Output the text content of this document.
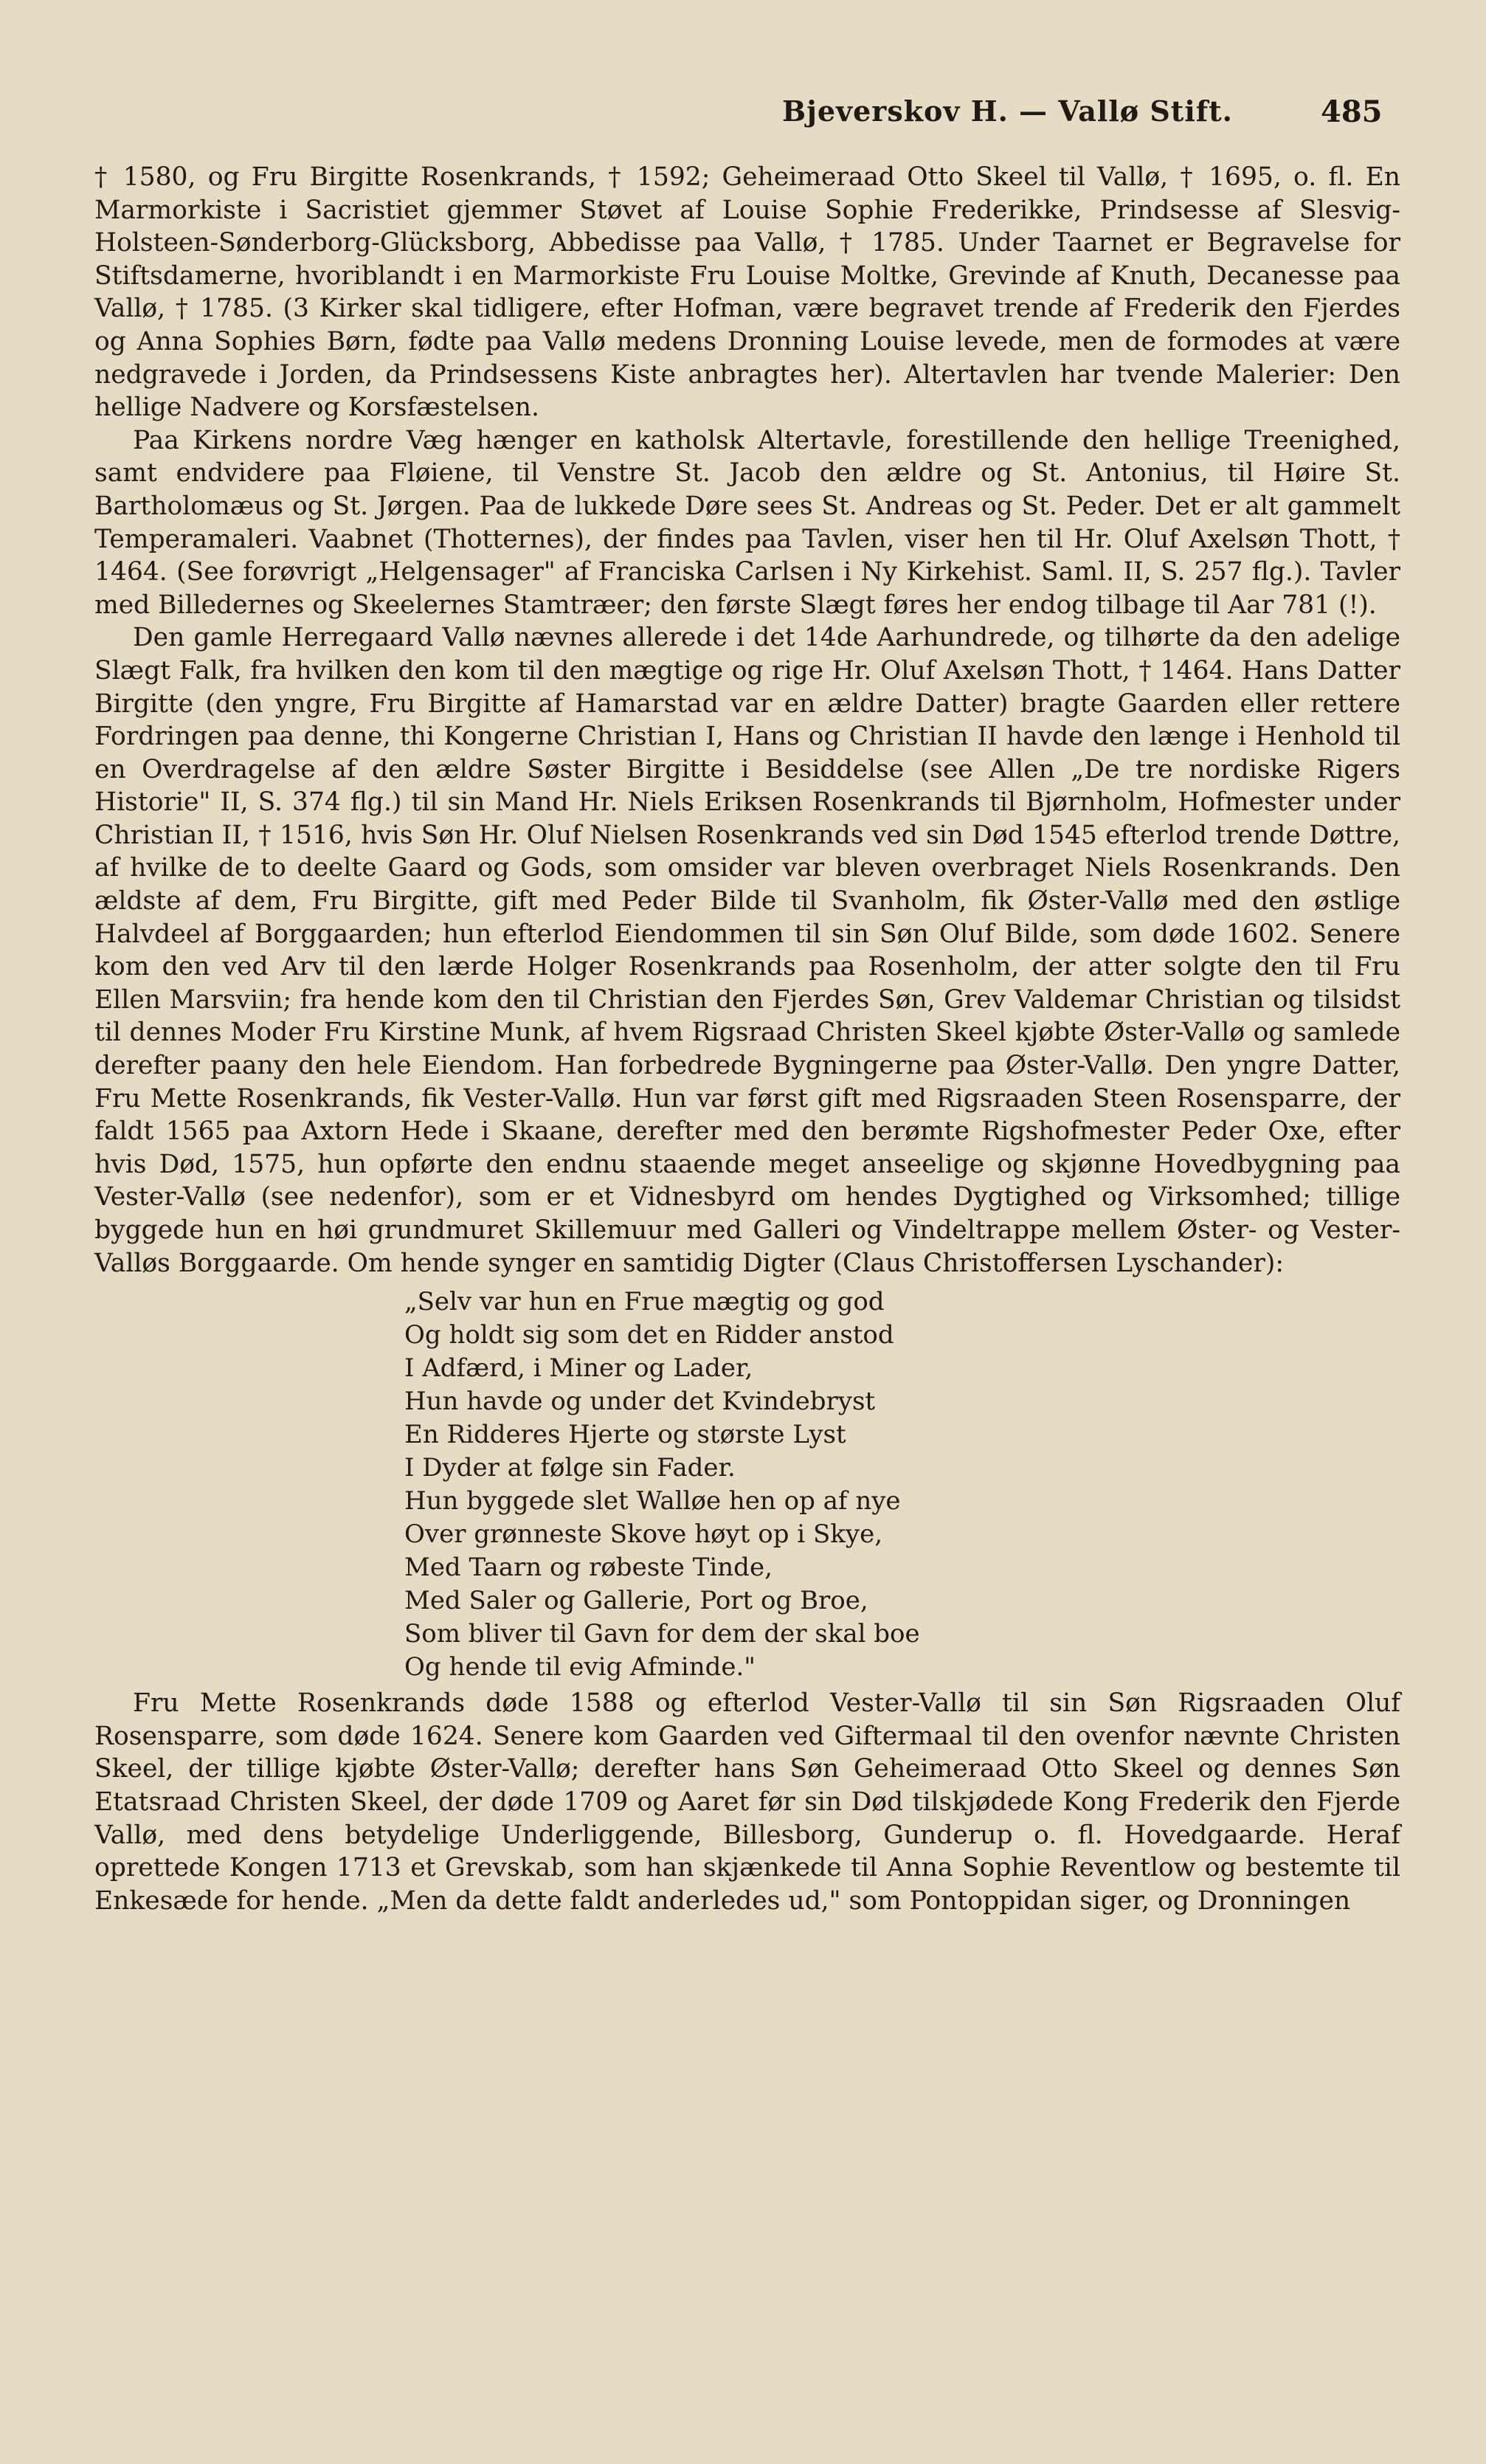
Bjeverskov H. — Vallø Stift.	485

† 1580, og Fru Birgitte Rosenkrands, † 1592; Geheimeraad Otto Skeel til Vallø, † 1695, o. fl. En Marmorkiste i Sacristiet gjemmer Støvet af Louise Sophie Frederikke, Prindsesse af Slesvig-Holsteen-Sønderborg-Glücksborg, Abbedisse paa Vallø, † 1785. Under Taarnet er Begravelse for Stiftsdamerne, hvoriblandt i en Marmorkiste Fru Louise Moltke, Grevinde af Knuth, Decanesse paa Vallø, † 1785. (3 Kirker skal tidligere, efter Hofman, være begravet trende af Frederik den Fjerdes og Anna Sophies Børn, fødte paa Vallø medens Dronning Louise levede, men de formodes at være nedgravede i Jorden, da Prindsessens Kiste anbragtes her). Altertavlen har tvende Malerier: Den hellige Nadvere og Korsfæstelsen.

Paa Kirkens nordre Væg hænger en katholsk Altertavle, forestillende den hellige Treenighed, samt endvidere paa Fløiene, til Venstre St. Jacob den ældre og St. Antonius, til Høire St. Bartholomæus og St. Jørgen. Paa de lukkede Døre sees St. Andreas og St. Peder. Det er alt gammelt Temperamaleri. Vaabnet (Thotternes), der findes paa Tavlen, viser hen til Hr. Oluf Axelsøn Thott, † 1464. (See forøvrigt „Helgensager" af Franciska Carlsen i Ny Kirkehist. Saml. II, S. 257 flg.). Tavler med Billedernes og Skeelernes Stamtræer; den første Slægt føres her endog tilbage til Aar 781 (!).

Den gamle Herregaard Vallø nævnes allerede i det 14de Aarhundrede, og tilhørte da den adelige Slægt Falk, fra hvilken den kom til den mægtige og rige Hr. Oluf Axelsøn Thott, † 1464. Hans Datter Birgitte (den yngre, Fru Birgitte af Hamarstad var en ældre Datter) bragte Gaarden eller rettere Fordringen paa denne, thi Kongerne Christian I, Hans og Christian II havde den længe i Henhold til en Overdragelse af den ældre Søster Birgitte i Besiddelse (see Allen „De tre nordiske Rigers Historie" II, S. 374 flg.) til sin Mand Hr. Niels Eriksen Rosenkrands til Bjørnholm, Hofmester under Christian II, † 1516, hvis Søn Hr. Oluf Nielsen Rosenkrands ved sin Død 1545 efterlod trende Døttre, af hvilke de to deelte Gaard og Gods, som omsider var bleven overbraget Niels Rosenkrands. Den ældste af dem, Fru Birgitte, gift med Peder Bilde til Svanholm, fik Øster-Vallø med den østlige Halvdeel af Borggaarden; hun efterlod Eiendommen til sin Søn Oluf Bilde, som døde 1602. Senere kom den ved Arv til den lærde Holger Rosenkrands paa Rosenholm, der atter solgte den til Fru Ellen Marsviin; fra hende kom den til Christian den Fjerdes Søn, Grev Valdemar Christian og tilsidst til dennes Moder Fru Kirstine Munk, af hvem Rigsraad Christen Skeel kjøbte Øster-Vallø og samlede derefter paany den hele Eiendom. Han forbedrede Bygningerne paa Øster-Vallø. Den yngre Datter, Fru Mette Rosenkrands, fik Vester-Vallø. Hun var først gift med Rigsraaden Steen Rosensparre, der faldt 1565 paa Axtorn Hede i Skaane, derefter med den berømte Rigshofmester Peder Oxe, efter hvis Død, 1575, hun opførte den endnu staaende meget anseelige og skjønne Hovedbygning paa Vester-Vallø (see nedenfor), som er et Vidnesbyrd om hendes Dygtighed og Virksomhed; tillige byggede hun en høi grundmuret Skillemuur med Galleri og Vindeltrappe mellem Øster- og Vester-Valløs Borggaarde. Om hende synger en samtidig Digter (Claus Christoffersen Lyschander):

„Selv var hun en Frue mægtig og god
Og holdt sig som det en Ridder anstod
I Adfærd, i Miner og Lader,
Hun havde og under det Kvindebryst
En Ridderes Hjerte og største Lyst
I Dyder at følge sin Fader.
Hun byggede slet Walløe hen op af nye
Over grønneste Skove høyt op i Skye,
Med Taarn og røbeste Tinde,
Med Saler og Gallerie, Port og Broe,
Som bliver til Gavn for dem der skal boe
Og hende til evig Afminde."

Fru Mette Rosenkrands døde 1588 og efterlod Vester-Vallø til sin Søn Rigsraaden Oluf Rosensparre, som døde 1624. Senere kom Gaarden ved Giftermaal til den ovenfor nævnte Christen Skeel, der tillige kjøbte Øster-Vallø; derefter hans Søn Geheimeraad Otto Skeel og dennes Søn Etatsraad Christen Skeel, der døde 1709 og Aaret før sin Død tilskjødede Kong Frederik den Fjerde Vallø, med dens betydelige Underliggende, Billesborg, Gunderup o. fl. Hovedgaarde. Heraf oprettede Kongen 1713 et Grevskab, som han skjænkede til Anna Sophie Reventlow og bestemte til Enkesæde for hende. „Men da dette faldt anderledes ud," som Pontoppidan siger, og Dronningen
